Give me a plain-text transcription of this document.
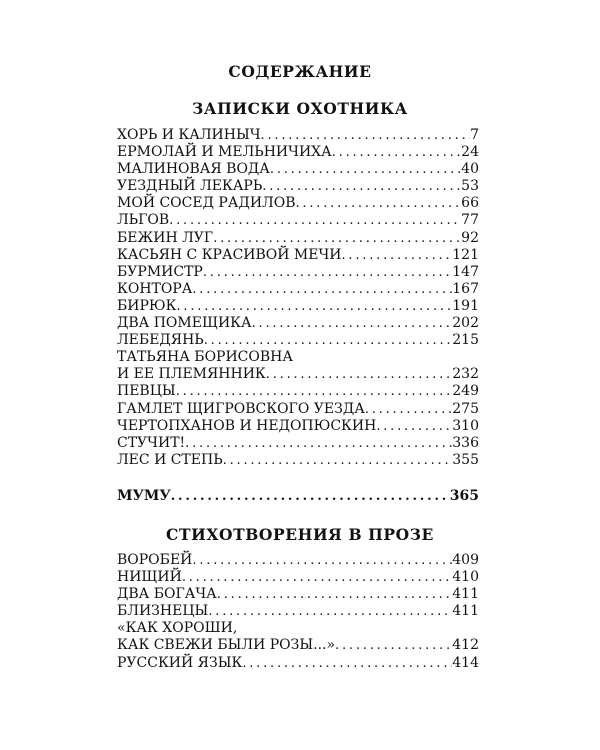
СОДЕРЖАНИЕ
ЗАПИСКИ ОХОТНИКА
ХОРЬ И КАЛИНЫЧ .....	7
ЕРМОЛАЙ И МЕЛЬНИЧИХА .....	24
МАЛИНОВАЯ ВОДА .....	40
УЕЗДНЫЙ ЛЕКАРЬ .....	53
МОЙ СОСЕД РАДИЛОВ .....	66
ЛЬГОВ .....	77
БЕЖИН ЛУГ .....	92
КАСЬЯН С КРАСИВОЙ МЕЧИ .....	121
БУРМИСТР .....	147
КОНТОРА .....	167
БИРЮК .....	191
ДВА ПОМЕЩИКА .....	202
ЛЕБЕДЯНЬ .....	215
ТАТЬЯНА БОРИСОВНА
И ЕЕ ПЛЕМЯННИК .....	232
ПЕВЦЫ .....	249
ГАМЛЕТ ЩИГРОВСКОГО УЕЗДА .....	275
ЧЕРТОПХАНОВ И НЕДОПЮСКИН .....	310
СТУЧИТ! .....	336
ЛЕС И СТЕПЬ .....	355
МУМУ .....	365
СТИХОТВОРЕНИЯ В ПРОЗЕ
ВОРОБЕЙ .....	409
НИЩИЙ .....	410
ДВА БОГАЧА .....	411
БЛИЗНЕЦЫ .....	411
«КАК ХОРОШИ,
КАК СВЕЖИ БЫЛИ РОЗЫ...» .....	412
РУССКИЙ ЯЗЫК .....	414
